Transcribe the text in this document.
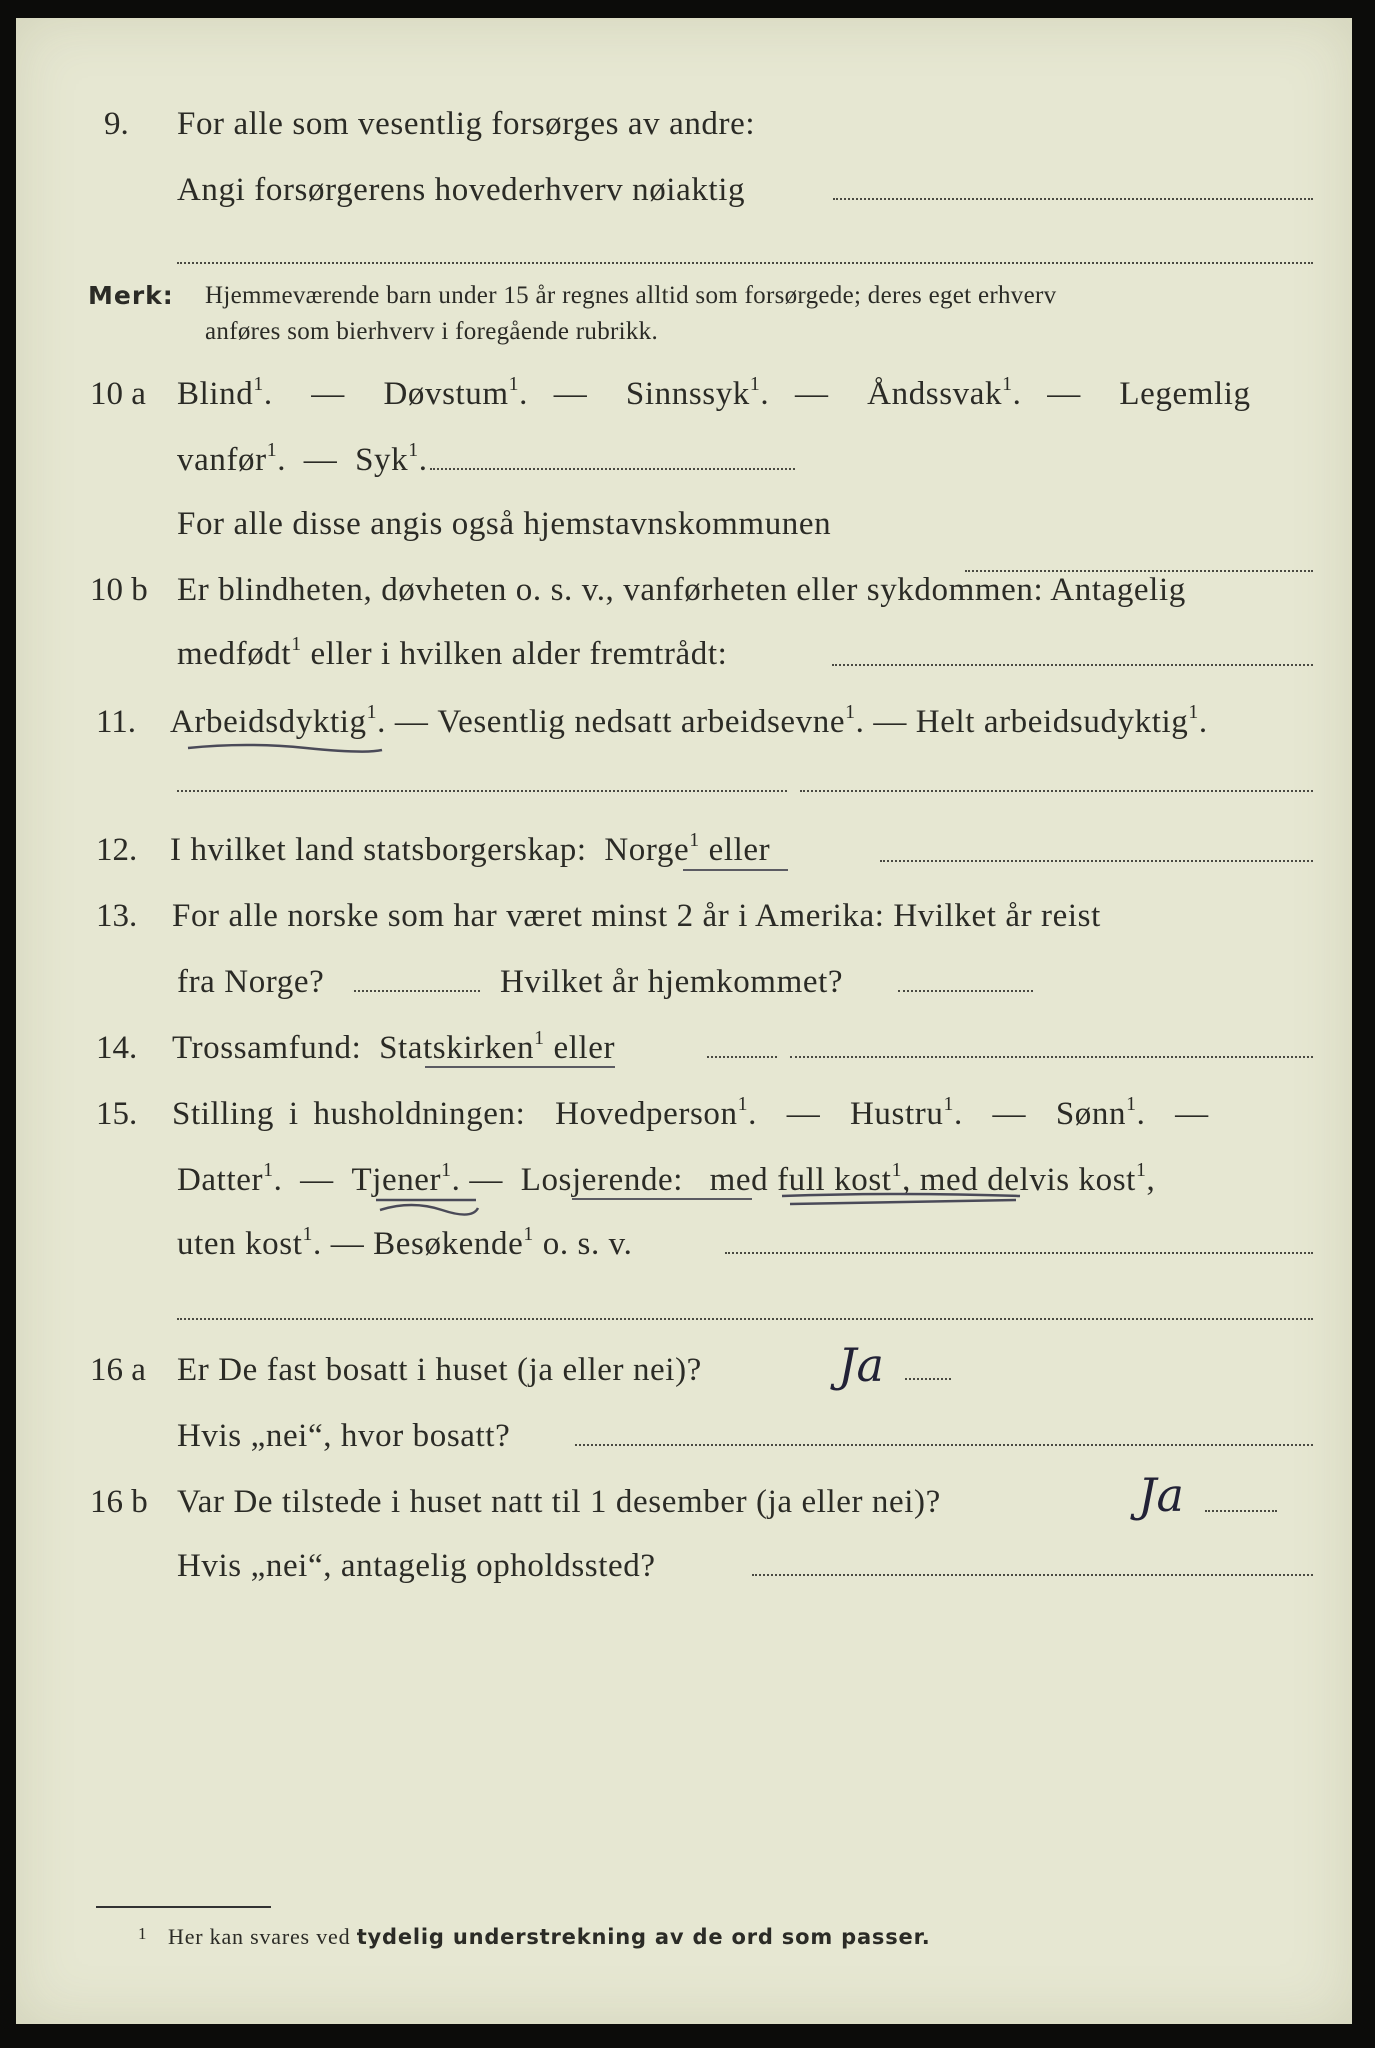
9. For alle som vesentlig forsørges av andre:
Angi forsørgerens hovederhverv nøiaktig
Merk: Hjemmeværende barn under 15 år regnes alltid som forsørgede; deres eget erhverv
anføres som bierhverv i foregående rubrikk.
10 a Blind$^1$. — Døvstum$^1$. — Sinnssyk$^1$. — Åndssvak$^1$. — Legemlig
vanfør$^1$. — Syk$^1$.
For alle disse angis også hjemstavnskommunen
10 b Er blindheten, døvheten o. s. v., vanførheten eller sykdommen: Antagelig
medfødt$^1$ eller i hvilken alder fremtrådt:
11. Arbeidsdyktig$^1$. — Vesentlig nedsatt arbeidsevne$^1$. — Helt arbeidsudyktig$^1$.
12. I hvilket land statsborgerskap: Norge$^1$ eller
13. For alle norske som har været minst 2 år i Amerika: Hvilket år reist
fra Norge?	Hvilket år hjemkommet?
14. Trossamfund: Statskirken$^1$ eller
15. Stilling i husholdningen: Hovedperson$^1$. — Hustru$^1$. — Sønn$^1$. —
Datter$^1$. — Tjener$^1$. — Losjerende: med full kost$^1$, med delvis kost$^1$,
uten kost$^1$. — Besøkende$^1$ o. s. v.
16 a Er De fast bosatt i huset (ja eller nei)?	Ja
Hvis „nei“, hvor bosatt?
16 b Var De tilstede i huset natt til 1 desember (ja eller nei)?	Ja
Hvis „nei“, antagelig opholdssted?
1 Her kan svares ved tydelig understrekning av de ord som passer.
